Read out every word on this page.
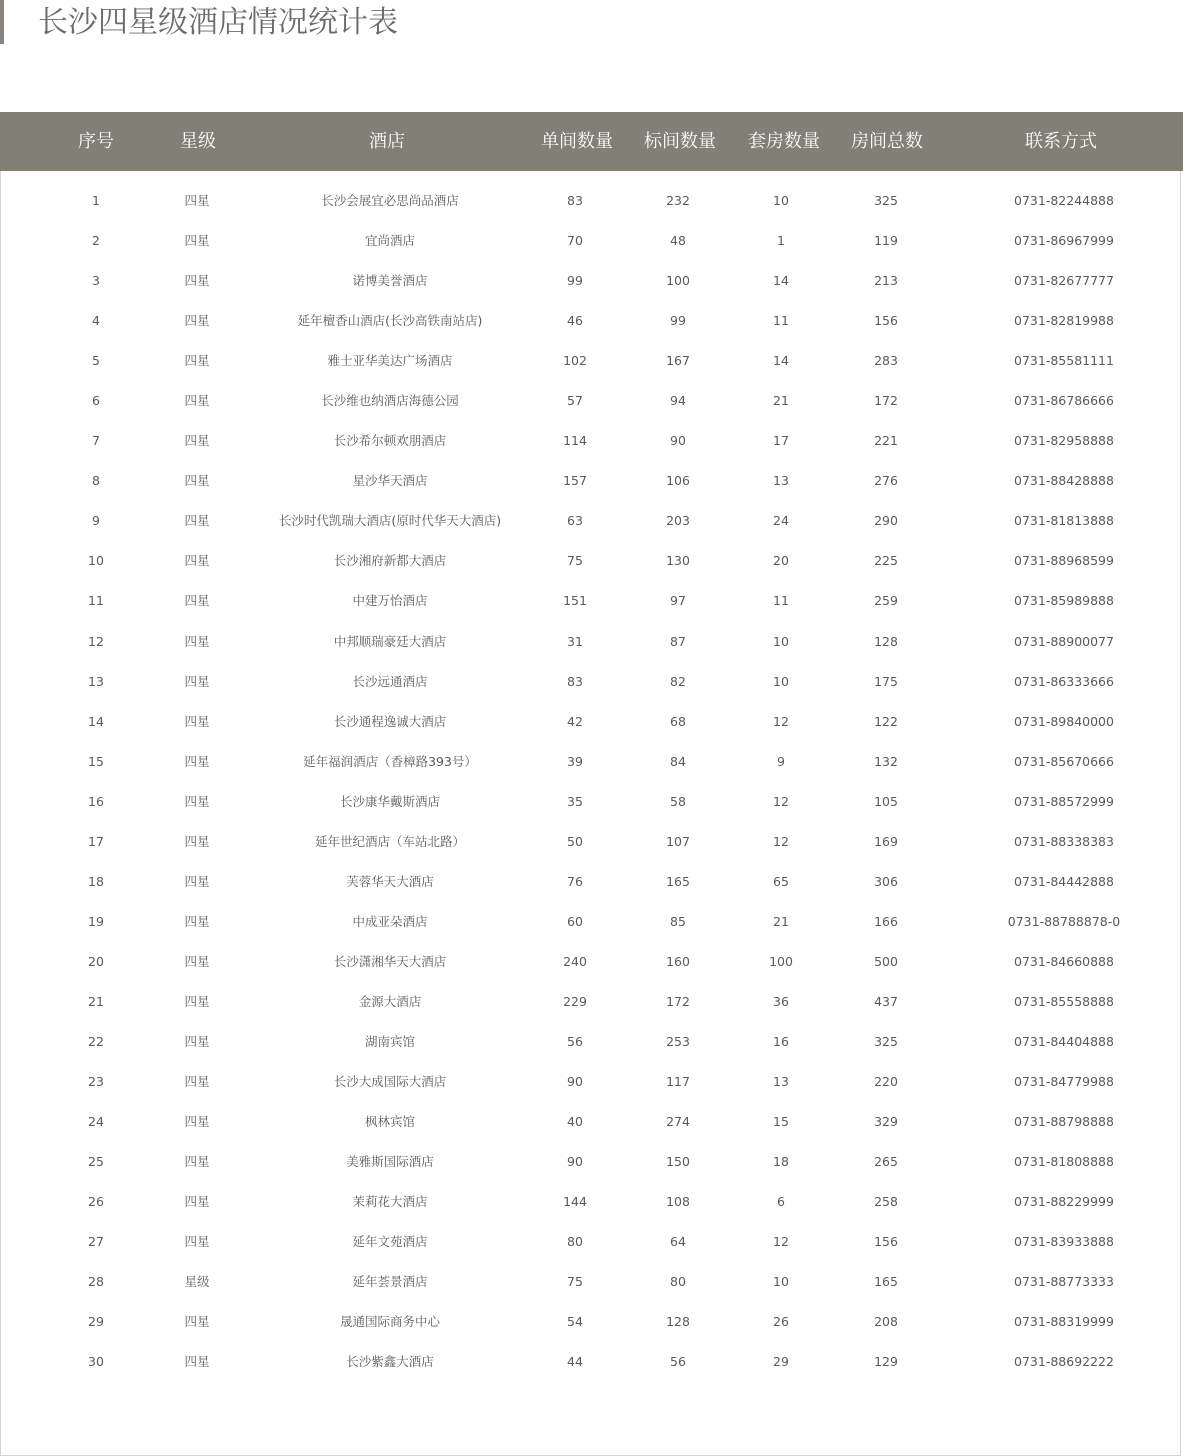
长沙四星级酒店情况统计表
序号	星级	酒店	单间数量	标间数量	套房数量	房间总数	联系方式
1	四星	长沙会展宜必思尚品酒店	83	232	10	325	0731-82244888
2	四星	宜尚酒店	70	48	1	119	0731-86967999
3	四星	诺博美誉酒店	99	100	14	213	0731-82677777
4	四星	延年檀香山酒店(长沙高铁南站店)	46	99	11	156	0731-82819988
5	四星	雅士亚华美达广场酒店	102	167	14	283	0731-85581111
6	四星	长沙维也纳酒店海德公园	57	94	21	172	0731-86786666
7	四星	长沙希尔顿欢朋酒店	114	90	17	221	0731-82958888
8	四星	星沙华天酒店	157	106	13	276	0731-88428888
9	四星	长沙时代凯瑞大酒店(原时代华天大酒店)	63	203	24	290	0731-81813888
10	四星	长沙湘府新都大酒店	75	130	20	225	0731-88968599
11	四星	中建万怡酒店	151	97	11	259	0731-85989888
12	四星	中邦顺瑞豪廷大酒店	31	87	10	128	0731-88900077
13	四星	长沙远通酒店	83	82	10	175	0731-86333666
14	四星	长沙通程逸诚大酒店	42	68	12	122	0731-89840000
15	四星	延年福润酒店（香樟路393号）	39	84	9	132	0731-85670666
16	四星	长沙康华戴斯酒店	35	58	12	105	0731-88572999
17	四星	延年世纪酒店（车站北路）	50	107	12	169	0731-88338383
18	四星	芙蓉华天大酒店	76	165	65	306	0731-84442888
19	四星	中成亚朵酒店	60	85	21	166	0731-88788878-0
20	四星	长沙潇湘华天大酒店	240	160	100	500	0731-84660888
21	四星	金源大酒店	229	172	36	437	0731-85558888
22	四星	湖南宾馆	56	253	16	325	0731-84404888
23	四星	长沙大成国际大酒店	90	117	13	220	0731-84779988
24	四星	枫林宾馆	40	274	15	329	0731-88798888
25	四星	美雅斯国际酒店	90	150	18	265	0731-81808888
26	四星	茉莉花大酒店	144	108	6	258	0731-88229999
27	四星	延年文苑酒店	80	64	12	156	0731-83933888
28	星级	延年荟景酒店	75	80	10	165	0731-88773333
29	四星	晟通国际商务中心	54	128	26	208	0731-88319999
30	四星	长沙紫鑫大酒店	44	56	29	129	0731-88692222
